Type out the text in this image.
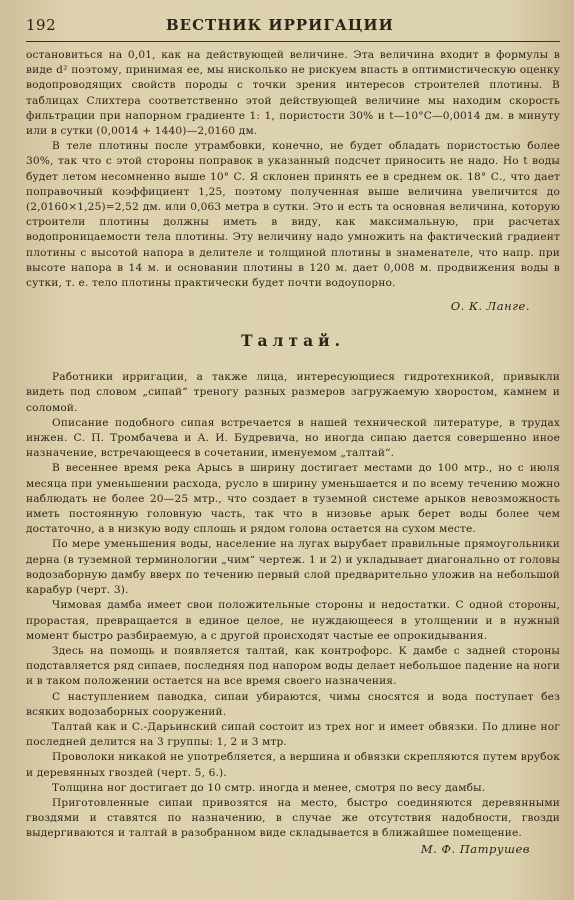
192	ВЕСТНИК ИРРИГАЦИИ

остановиться на 0,01, как на действующей величине. Эта величина входит в формулы в виде d² поэтому, принимая ее, мы нисколько не рискуем впасть в оптимистическую оценку водопроводящих свойств породы с точки зрения интересов строителей плотины. В таблицах Слихтера соответственно этой действующей величине мы находим скорость фильтрации при напорном градиенте 1: 1, пористости 30% и t—10°С—0,0014 дм. в минуту или в сутки (0,0014 + 1440)—2,0160 дм.

В теле плотины после утрамбовки, конечно, не будет обладать пористостью более 30%, так что с этой стороны поправок в указанный подсчет приносить не надо. Но t воды будет летом несомненно выше 10° С. Я склонен принять ее в среднем ок. 18° С., что дает поправочный коэффициент 1,25, поэтому полученная выше величина увеличится до (2,0160×1,25)=2,52 дм. или 0,063 метра в сутки. Это и есть та основная величина, которую строители плотины должны иметь в виду, как максимальную, при расчетах водопроницаемости тела плотины. Эту величину надо умножить на фактический градиент плотины с высотой напора в делителе и толщиной плотины в знаменателе, что напр. при высоте напора в 14 м. и основании плотины в 120 м. дает 0,008 м. продвижения воды в сутки, т. е. тело плотины практически будет почти водоупорно.

О. К. Ланге.
Талтай.

Работники ирригации, а также лица, интересующиеся гидротехникой, привыкли видеть под словом „сипай“ треногу разных размеров загружаемую хворостом, камнем и соломой.

Описание подобного сипая встречается в нашей технической литературе, в трудах инжен. С. П. Тромбачева и А. И. Будревича, но иногда сипаю дается совершенно иное назначение, встречающееся в сочетании, именуемом „талтай“.

В весеннее время река Арысь в ширину достигает местами до 100 мтр., но с июля месяца при уменьшении расхода, русло в ширину уменьшается и по всему течению можно наблюдать не более 20—25 мтр., что создает в туземной системе арыков невозможность иметь постоянную головную часть, так что в низовье арык берет воды более чем достаточно, а в низкую воду сплошь и рядом голова остается на сухом месте.

По мере уменьшения воды, население на лугах вырубает правильные прямоугольники дерна (в туземной терминологии „чим“ чертеж. 1 и 2) и укладывает диагонально от головы водозаборную дамбу вверх по течению первый слой предварительно уложив на небольшой карабур (черт. 3).

Чимовая дамба имеет свои положительные стороны и недостатки. С одной стороны, прорастая, превращается в единое целое, не нуждающееся в утолщении и в нужный момент быстро разбираемую, а с другой происходят частые ее опрокидывания.

Здесь на помощь и появляется талтай, как контрофорс. К дамбе с задней стороны подставляется ряд сипаев, последняя под напором воды делает небольшое падение на ноги и в таком положении остается на все время своего назначения.

С наступлением паводка, сипаи убираются, чимы сносятся и вода поступает без всяких водозаборных сооружений.

Талтай как и С.-Дарьинский сипай состоит из трех ног и имеет обвязки. По длине ног последней делится на 3 группы: 1, 2 и 3 мтр.

Проволоки никакой не употребляется, а вершина и обвязки скрепляются путем врубок и деревянных гвоздей (черт. 5, 6.).

Толщина ног достигает до 10 смтр. иногда и менее, смотря по весу дамбы.

Приготовленные сипаи привозятся на место, быстро соединяются деревянными гвоздями и ставятся по назначению, в случае же отсутствия надобности, гвозди выдергиваются и талтай в разобранном виде складывается в ближайшее помещение.

М. Ф. Патрушев
